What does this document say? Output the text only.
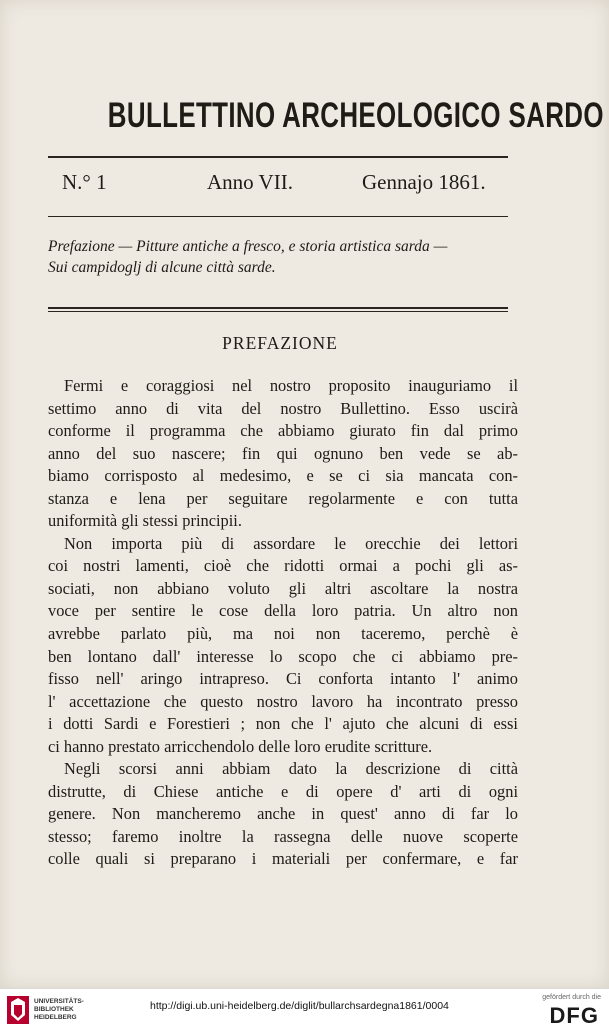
BULLETTINO ARCHEOLOGICO SARDO
N.° 1	Anno VII.	Gennajo 1861.
Prefazione — Pitture antiche a fresco, e storia artistica sarda —
Sui campidoglj di alcune città sarde.
PREFAZIONE
Fermi e coraggiosi nel nostro proposito inauguriamo il
settimo anno di vita del nostro Bullettino. Esso uscirà
conforme il programma che abbiamo giurato fin dal primo
anno del suo nascere; fin qui ognuno ben vede se ab-
biamo corrisposto al medesimo, e se ci sia mancata con-
stanza e lena per seguitare regolarmente e con tutta
uniformità gli stessi principii.
Non importa più di assordare le orecchie dei lettori
coi nostri lamenti, cioè che ridotti ormai a pochi gli as-
sociati, non abbiano voluto gli altri ascoltare la nostra
voce per sentire le cose della loro patria. Un altro non
avrebbe parlato più, ma noi non taceremo, perchè è
ben lontano dall' interesse lo scopo che ci abbiamo pre-
fisso nell' aringo intrapreso. Ci conforta intanto l' animo
l' accettazione che questo nostro lavoro ha incontrato presso
i dotti Sardi e Forestieri ; non che l' ajuto che alcuni di essi
ci hanno prestato arricchendolo delle loro erudite scritture.
Negli scorsi anni abbiam dato la descrizione di città
distrutte, di Chiese antiche e di opere d' arti di ogni
genere. Non mancheremo anche in quest' anno di far lo
stesso; faremo inoltre la rassegna delle nuove scoperte
colle quali si preparano i materiali per confermare, e far
UNIVERSITÄTS-
BIBLIOTHEK
HEIDELBERG
http://digi.ub.uni-heidelberg.de/diglit/bullarchsardegna1861/0004
gefördert durch die
DFG
